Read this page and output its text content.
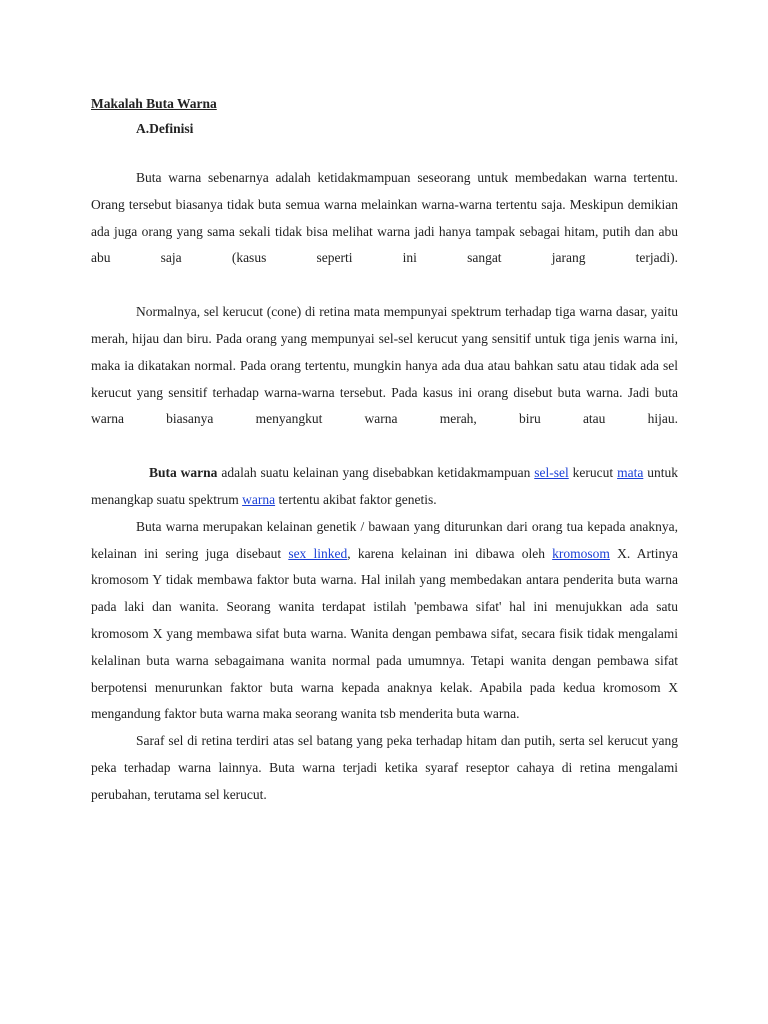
Makalah Buta Warna

A.Definisi

Buta warna sebenarnya adalah ketidakmampuan seseorang untuk membedakan warna tertentu. Orang tersebut biasanya tidak buta semua warna melainkan warna-warna tertentu saja. Meskipun demikian ada juga orang yang sama sekali tidak bisa melihat warna jadi hanya tampak sebagai hitam, putih dan abu abu saja (kasus seperti ini sangat jarang terjadi).

Normalnya, sel kerucut (cone) di retina mata mempunyai spektrum terhadap tiga warna dasar, yaitu merah, hijau dan biru. Pada orang yang mempunyai sel-sel kerucut yang sensitif untuk tiga jenis warna ini, maka ia dikatakan normal. Pada orang tertentu, mungkin hanya ada dua atau bahkan satu atau tidak ada sel kerucut yang sensitif terhadap warna-warna tersebut. Pada kasus ini orang disebut buta warna. Jadi buta warna biasanya menyangkut warna merah, biru atau hijau.

Buta warna adalah suatu kelainan yang disebabkan ketidakmampuan sel-sel kerucut mata untuk menangkap suatu spektrum warna tertentu akibat faktor genetis.

Buta warna merupakan kelainan genetik / bawaan yang diturunkan dari orang tua kepada anaknya, kelainan ini sering juga disebaut sex linked, karena kelainan ini dibawa oleh kromosom X. Artinya kromosom Y tidak membawa faktor buta warna. Hal inilah yang membedakan antara penderita buta warna pada laki dan wanita. Seorang wanita terdapat istilah 'pembawa sifat' hal ini menujukkan ada satu kromosom X yang membawa sifat buta warna. Wanita dengan pembawa sifat, secara fisik tidak mengalami kelalinan buta warna sebagaimana wanita normal pada umumnya. Tetapi wanita dengan pembawa sifat berpotensi menurunkan faktor buta warna kepada anaknya kelak. Apabila pada kedua kromosom X mengandung faktor buta warna maka seorang wanita tsb menderita buta warna.

Saraf sel di retina terdiri atas sel batang yang peka terhadap hitam dan putih, serta sel kerucut yang peka terhadap warna lainnya. Buta warna terjadi ketika syaraf reseptor cahaya di retina mengalami perubahan, terutama sel kerucut.
